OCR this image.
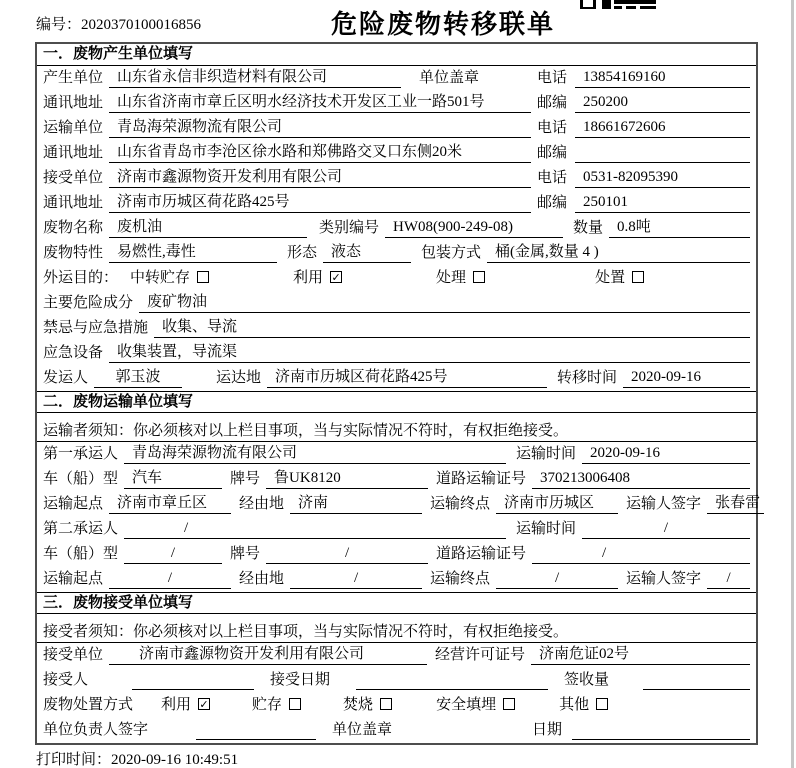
编号：2020370100016856	危险废物转移联单
一．废物产生单位填写
产生单位 山东省永信非织造材料有限公司	单位盖章	电话	13854169160
通讯地址 山东省济南市章丘区明水经济技术开发区工业一路501号	邮编	250200
运输单位 青岛海荣源物流有限公司	电话	18661672606
通讯地址 山东省青岛市李沧区徐水路和郑佛路交叉口东侧20米	邮编
接受单位 济南市鑫源物资开发利用有限公司	电话	0531-82095390
通讯地址 济南市历城区荷花路425号	邮编	250101
废物名称 废机油	类别编号 HW08(900-249-08)	数量 0.8吨
废物特性 易燃性,毒性	形态 液态	包装方式 桶(金属,数量 4 )
外运目的： 中转贮存	利用 ✓	处理	处置
主要危险成分 废矿物油
禁忌与应急措施 收集、导流
应急设备 收集装置，导流渠
发运人	郭玉波	运达地 济南市历城区荷花路425号	转移时间 2020-09-16
二．废物运输单位填写
运输者须知：你必须核对以上栏目事项，当与实际情况不符时，有权拒绝接受。
第一承运人 青岛海荣源物流有限公司	运输时间 2020-09-16
车（船）型 汽车	牌号 鲁UK8120	道路运输证号 370213006408
运输起点 济南市章丘区	经由地 济南	运输终点 济南市历城区	运输人签字 张春雷
第二承运人	/	运输时间	/
车（船）型	/	牌号	/	道路运输证号	/
运输起点	/	经由地	/	运输终点	/	运输人签字	/
三．废物接受单位填写
接受者须知：你必须核对以上栏目事项，当与实际情况不符时，有权拒绝接受。
接受单位	济南市鑫源物资开发利用有限公司	经营许可证号 济南危证02号
接受人	接受日期	签收量
废物处置方式 利用 ✓	贮存	焚烧	安全填埋	其他
单位负责人签字	单位盖章	日期
打印时间：2020-09-16 10:49:51
